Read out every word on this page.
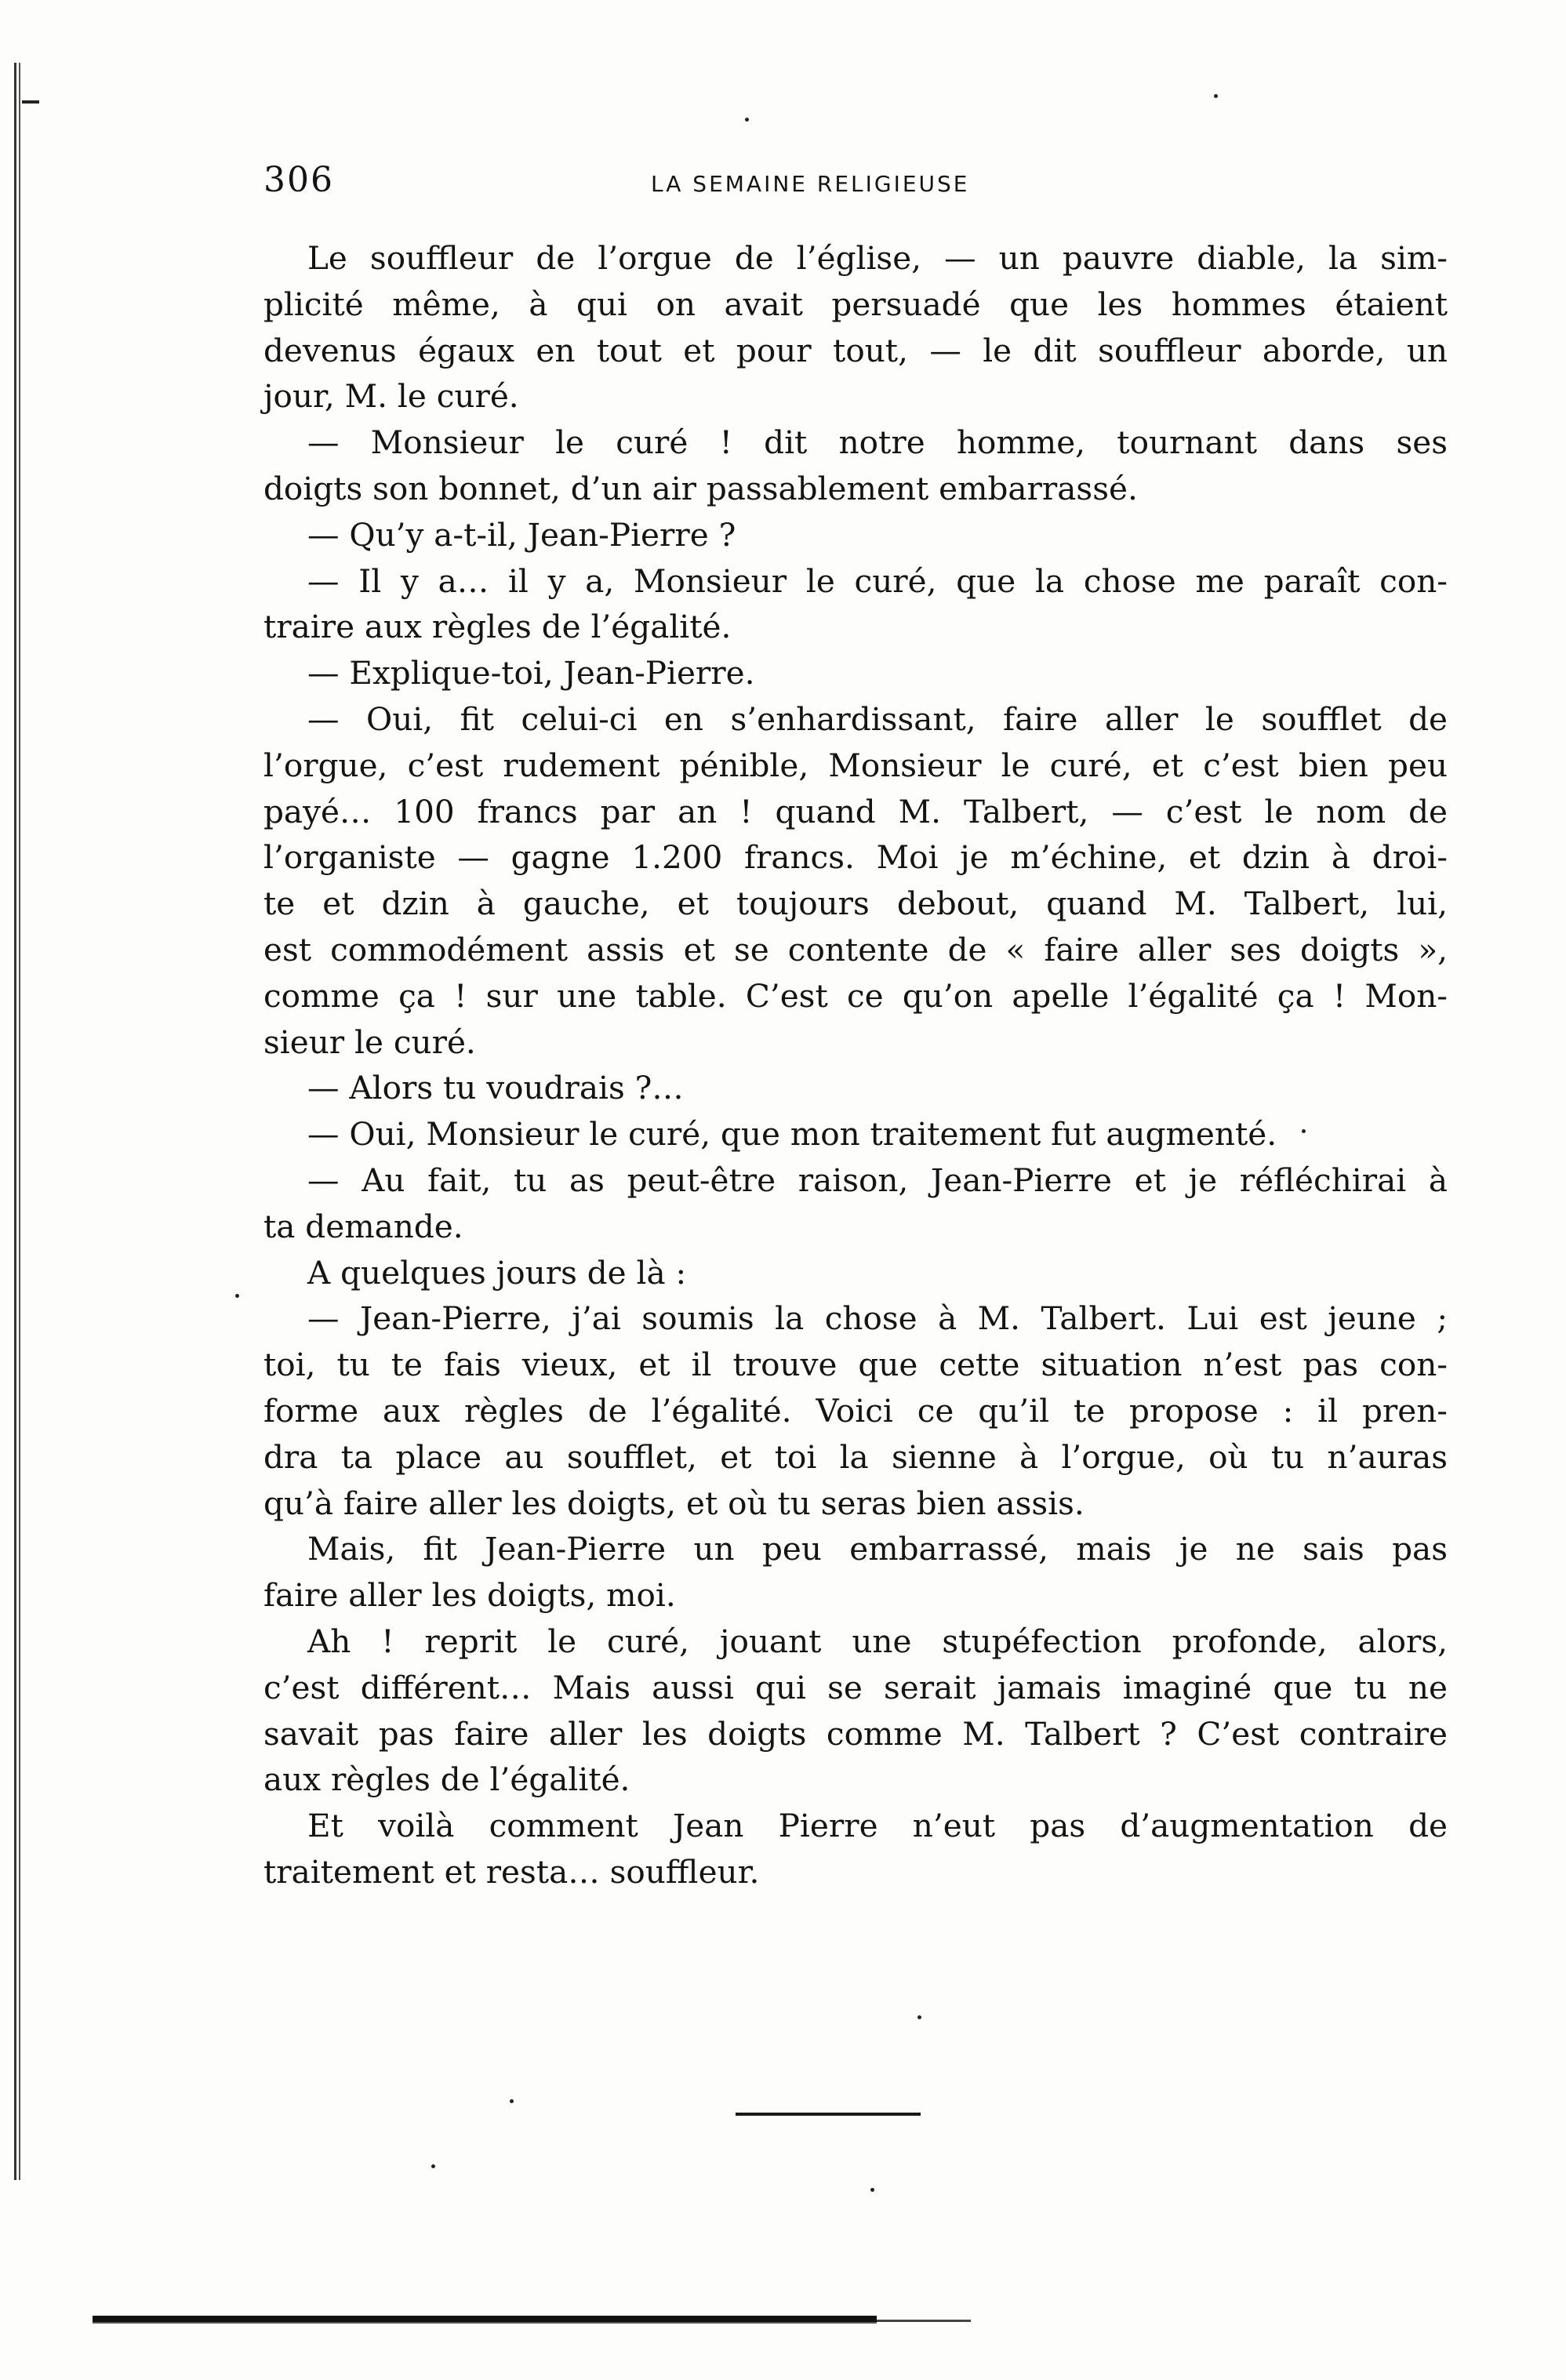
306	LA SEMAINE RELIGIEUSE
Le souffleur de l’orgue de l’église, — un pauvre diable, la sim-
plicité même, à qui on avait persuadé que les hommes étaient
devenus égaux en tout et pour tout, — le dit souffleur aborde, un
jour, M. le curé.
— Monsieur le curé ! dit notre homme, tournant dans ses
doigts son bonnet, d’un air passablement embarrassé.
— Qu’y a-t-il, Jean-Pierre ?
— Il y a… il y a, Monsieur le curé, que la chose me paraît con-
traire aux règles de l’égalité.
— Explique-toi, Jean-Pierre.
— Oui, fit celui-ci en s’enhardissant, faire aller le soufflet de
l’orgue, c’est rudement pénible, Monsieur le curé, et c’est bien peu
payé… 100 francs par an ! quand M. Talbert, — c’est le nom de
l’organiste — gagne 1.200 francs. Moi je m’échine, et dzin à droi-
te et dzin à gauche, et toujours debout, quand M. Talbert, lui,
est commodément assis et se contente de « faire aller ses doigts »,
comme ça ! sur une table. C’est ce qu’on apelle l’égalité ça ! Mon-
sieur le curé.
— Alors tu voudrais ?…
— Oui, Monsieur le curé, que mon traitement fut augmenté.
— Au fait, tu as peut-être raison, Jean-Pierre et je réfléchirai à
ta demande.
A quelques jours de là :
— Jean-Pierre, j’ai soumis la chose à M. Talbert. Lui est jeune ;
toi, tu te fais vieux, et il trouve que cette situation n’est pas con-
forme aux règles de l’égalité. Voici ce qu’il te propose : il pren-
dra ta place au soufflet, et toi la sienne à l’orgue, où tu n’auras
qu’à faire aller les doigts, et où tu seras bien assis.
Mais, fit Jean-Pierre un peu embarrassé, mais je ne sais pas
faire aller les doigts, moi.
Ah ! reprit le curé, jouant une stupéfection profonde, alors,
c’est différent… Mais aussi qui se serait jamais imaginé que tu ne
savait pas faire aller les doigts comme M. Talbert ? C’est contraire
aux règles de l’égalité.
Et voilà comment Jean Pierre n’eut pas d’augmentation de
traitement et resta… souffleur.
